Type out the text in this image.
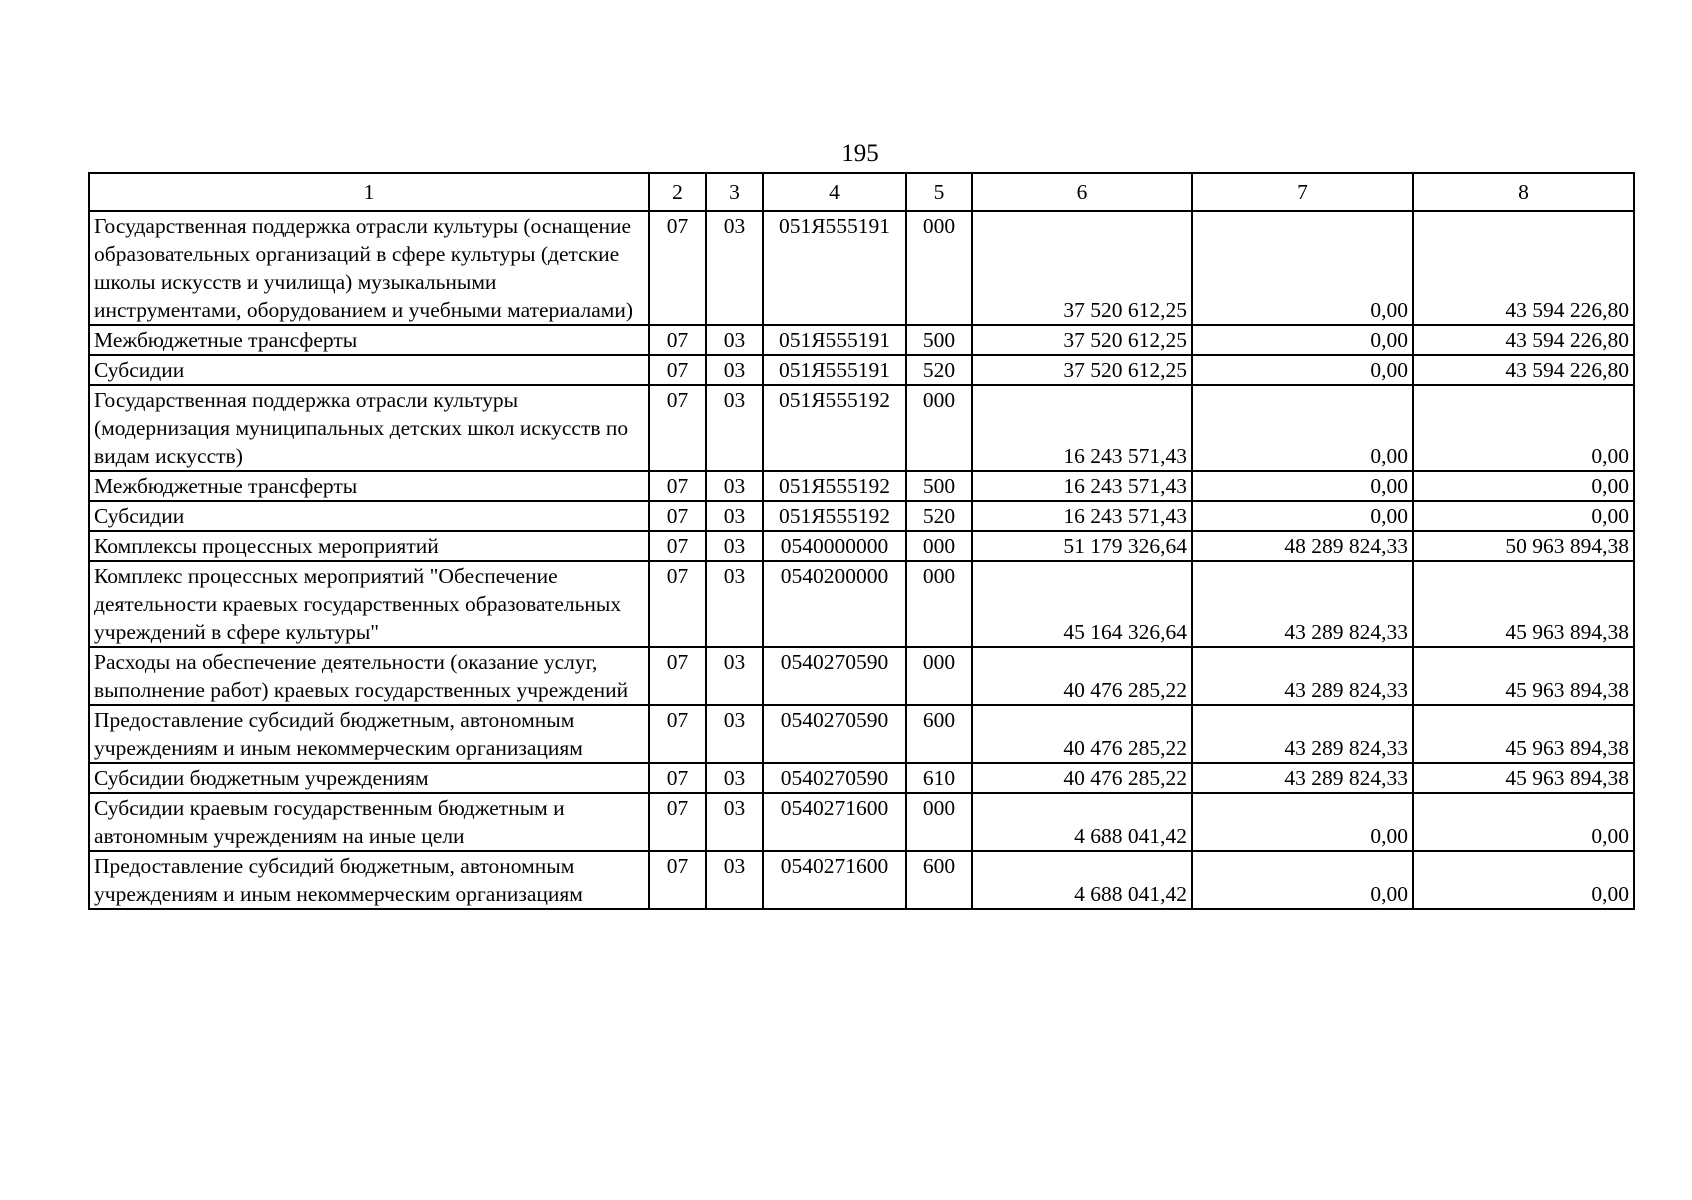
195
1	2	3	4	5	6	7	8
Государственная поддержка отрасли культуры (оснащение образовательных организаций в сфере культуры (детские школы искусств и училища) музыкальными инструментами, оборудованием и учебными материалами)	07	03	051Я555191	000	37 520 612,25	0,00	43 594 226,80
Межбюджетные трансферты	07	03	051Я555191	500	37 520 612,25	0,00	43 594 226,80
Субсидии	07	03	051Я555191	520	37 520 612,25	0,00	43 594 226,80
Государственная поддержка отрасли культуры (модернизация муниципальных детских школ искусств по видам искусств)	07	03	051Я555192	000	16 243 571,43	0,00	0,00
Межбюджетные трансферты	07	03	051Я555192	500	16 243 571,43	0,00	0,00
Субсидии	07	03	051Я555192	520	16 243 571,43	0,00	0,00
Комплексы процессных мероприятий	07	03	0540000000	000	51 179 326,64	48 289 824,33	50 963 894,38
Комплекс процессных мероприятий "Обеспечение деятельности краевых государственных образовательных учреждений в сфере культуры"	07	03	0540200000	000	45 164 326,64	43 289 824,33	45 963 894,38
Расходы на обеспечение деятельности (оказание услуг, выполнение работ) краевых государственных учреждений	07	03	0540270590	000	40 476 285,22	43 289 824,33	45 963 894,38
Предоставление субсидий бюджетным, автономным учреждениям и иным некоммерческим организациям	07	03	0540270590	600	40 476 285,22	43 289 824,33	45 963 894,38
Субсидии бюджетным учреждениям	07	03	0540270590	610	40 476 285,22	43 289 824,33	45 963 894,38
Субсидии краевым государственным бюджетным и автономным учреждениям на иные цели	07	03	0540271600	000	4 688 041,42	0,00	0,00
Предоставление субсидий бюджетным, автономным учреждениям и иным некоммерческим организациям	07	03	0540271600	600	4 688 041,42	0,00	0,00
